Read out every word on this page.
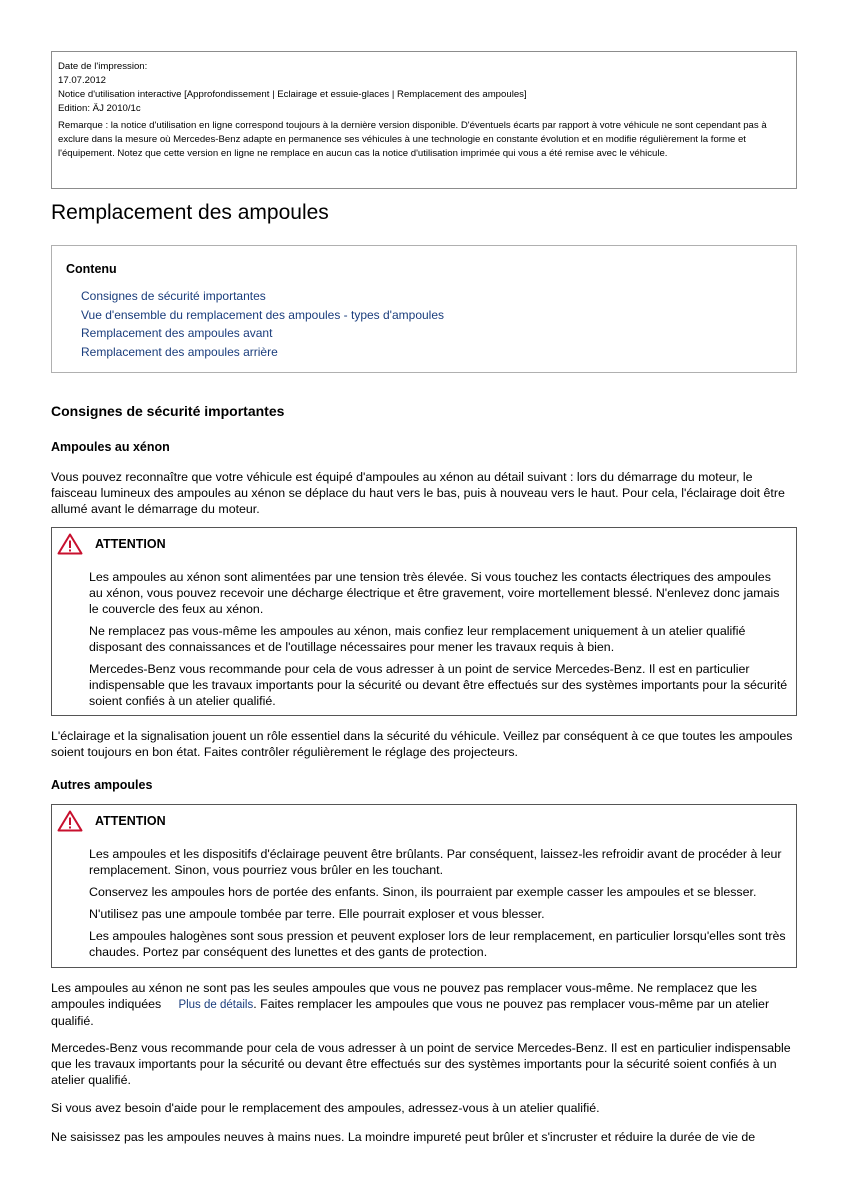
Date de l'impression:

17.07.2012

Notice d'utilisation interactive [Approfondissement | Eclairage et essuie-glaces | Remplacement des ampoules]

Edition: ÄJ 2010/1c

Remarque : la notice d'utilisation en ligne correspond toujours à la dernière version disponible. D'éventuels écarts par rapport à votre véhicule ne sont cependant pas à exclure dans la mesure où Mercedes-Benz adapte en permanence ses véhicules à une technologie en constante évolution et en modifie régulièrement la forme et l'équipement. Notez que cette version en ligne ne remplace en aucun cas la notice d'utilisation imprimée qui vous a été remise avec le véhicule.

Remplacement des ampoules
Contenu
Consignes de sécurité importantes
Vue d'ensemble du remplacement des ampoules - types d'ampoules
Remplacement des ampoules avant
Remplacement des ampoules arrière
Consignes de sécurité importantes
Ampoules au xénon

Vous pouvez reconnaître que votre véhicule est équipé d'ampoules au xénon au détail suivant : lors du démarrage du moteur, le faisceau lumineux des ampoules au xénon se déplace du haut vers le bas, puis à nouveau vers le haut. Pour cela, l'éclairage doit être allumé avant le démarrage du moteur.

ATTENTION

Les ampoules au xénon sont alimentées par une tension très élevée. Si vous touchez les contacts électriques des ampoules au xénon, vous pouvez recevoir une décharge électrique et être gravement, voire mortellement blessé. N'enlevez donc jamais le couvercle des feux au xénon.

Ne remplacez pas vous-même les ampoules au xénon, mais confiez leur remplacement uniquement à un atelier qualifié disposant des connaissances et de l'outillage nécessaires pour mener les travaux requis à bien.

Mercedes-Benz vous recommande pour cela de vous adresser à un point de service Mercedes-Benz. Il est en particulier indispensable que les travaux importants pour la sécurité ou devant être effectués sur des systèmes importants pour la sécurité soient confiés à un atelier qualifié.

L'éclairage et la signalisation jouent un rôle essentiel dans la sécurité du véhicule. Veillez par conséquent à ce que toutes les ampoules soient toujours en bon état. Faites contrôler régulièrement le réglage des projecteurs.

Autres ampoules
ATTENTION

Les ampoules et les dispositifs d'éclairage peuvent être brûlants. Par conséquent, laissez-les refroidir avant de procéder à leur remplacement. Sinon, vous pourriez vous brûler en les touchant.

Conservez les ampoules hors de portée des enfants. Sinon, ils pourraient par exemple casser les ampoules et se blesser.

N'utilisez pas une ampoule tombée par terre. Elle pourrait exploser et vous blesser.

Les ampoules halogènes sont sous pression et peuvent exploser lors de leur remplacement, en particulier lorsqu'elles sont très chaudes. Portez par conséquent des lunettes et des gants de protection.

Les ampoules au xénon ne sont pas les seules ampoules que vous ne pouvez pas remplacer vous-même. Ne remplacez que les ampoules indiquées Plus de détails. Faites remplacer les ampoules que vous ne pouvez pas remplacer vous-même par un atelier qualifié.

Mercedes-Benz vous recommande pour cela de vous adresser à un point de service Mercedes-Benz. Il est en particulier indispensable que les travaux importants pour la sécurité ou devant être effectués sur des systèmes importants pour la sécurité soient confiés à un atelier qualifié.

Si vous avez besoin d'aide pour le remplacement des ampoules, adressez-vous à un atelier qualifié.

Ne saisissez pas les ampoules neuves à mains nues. La moindre impureté peut brûler et s'incruster et réduire la durée de vie de
